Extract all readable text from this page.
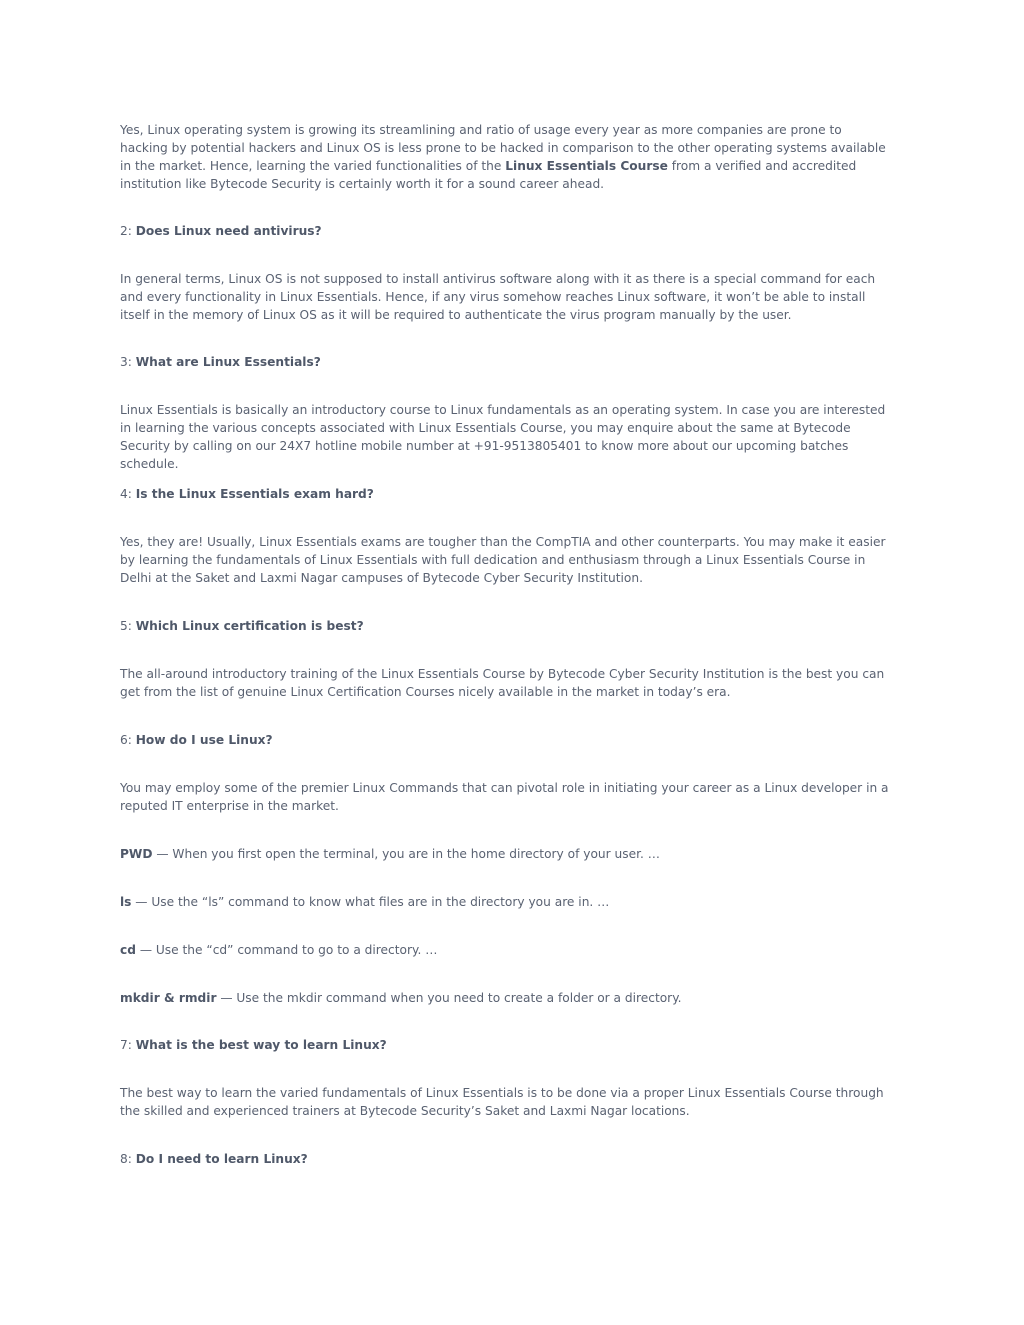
Yes, Linux operating system is growing its streamlining and ratio of usage every year as more companies are prone to hacking by potential hackers and Linux OS is less prone to be hacked in comparison to the other operating systems available in the market. Hence, learning the varied functionalities of the Linux Essentials Course from a verified and accredited institution like Bytecode Security is certainly worth it for a sound career ahead.

2: Does Linux need antivirus?

In general terms, Linux OS is not supposed to install antivirus software along with it as there is a special command for each and every functionality in Linux Essentials. Hence, if any virus somehow reaches Linux software, it won’t be able to install itself in the memory of Linux OS as it will be required to authenticate the virus program manually by the user.

3: What are Linux Essentials?

Linux Essentials is basically an introductory course to Linux fundamentals as an operating system. In case you are interested in learning the various concepts associated with Linux Essentials Course, you may enquire about the same at Bytecode Security by calling on our 24X7 hotline mobile number at +91-9513805401 to know more about our upcoming batches schedule.

4: Is the Linux Essentials exam hard?

Yes, they are! Usually, Linux Essentials exams are tougher than the CompTIA and other counterparts. You may make it easier by learning the fundamentals of Linux Essentials with full dedication and enthusiasm through a Linux Essentials Course in Delhi at the Saket and Laxmi Nagar campuses of Bytecode Cyber Security Institution.

5: Which Linux certification is best?

The all-around introductory training of the Linux Essentials Course by Bytecode Cyber Security Institution is the best you can get from the list of genuine Linux Certification Courses nicely available in the market in today’s era.

6: How do I use Linux?

You may employ some of the premier Linux Commands that can pivotal role in initiating your career as a Linux developer in a reputed IT enterprise in the market.

PWD — When you first open the terminal, you are in the home directory of your user. …

ls — Use the “ls” command to know what files are in the directory you are in. …

cd — Use the “cd” command to go to a directory. …

mkdir & rmdir — Use the mkdir command when you need to create a folder or a directory.

7: What is the best way to learn Linux?

The best way to learn the varied fundamentals of Linux Essentials is to be done via a proper Linux Essentials Course through the skilled and experienced trainers at Bytecode Security’s Saket and Laxmi Nagar locations.

8: Do I need to learn Linux?
